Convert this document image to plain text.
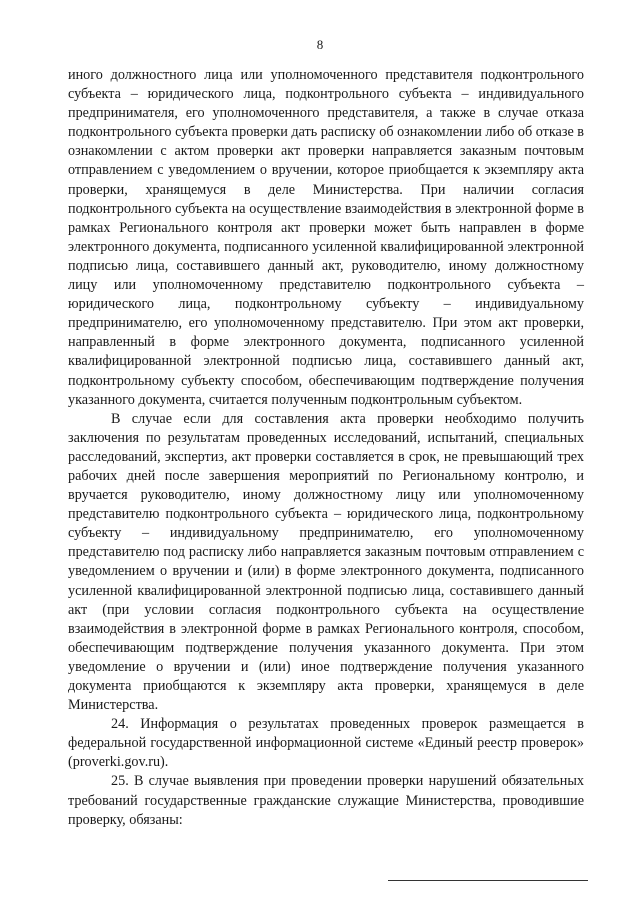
8

иного должностного лица или уполномоченного представителя подконтрольного субъекта – юридического лица, подконтрольного субъекта – индивидуального предпринимателя, его уполномоченного представителя, а также в случае отказа подконтрольного субъекта проверки дать расписку об ознакомлении либо об отказе в ознакомлении с актом проверки акт проверки направляется заказным почтовым отправлением с уведомлением о вручении, которое приобщается к экземпляру акта проверки, хранящемуся в деле Министерства. При наличии согласия подконтрольного субъекта на осуществление взаимодействия в электронной форме в рамках Регионального контроля акт проверки может быть направлен в форме электронного документа, подписанного усиленной квалифицированной электронной подписью лица, составившего данный акт, руководителю, иному должностному лицу или уполномоченному представителю подконтрольного субъекта – юридического лица, подконтрольному субъекту – индивидуальному предпринимателю, его уполномоченному представителю. При этом акт проверки, направленный в форме электронного документа, подписанного усиленной квалифицированной электронной подписью лица, составившего данный акт, подконтрольному субъекту способом, обеспечивающим подтверждение получения указанного документа, считается полученным подконтрольным субъектом.

В случае если для составления акта проверки необходимо получить заключения по результатам проведенных исследований, испытаний, специальных расследований, экспертиз, акт проверки составляется в срок, не превышающий трех рабочих дней после завершения мероприятий по Региональному контролю, и вручается руководителю, иному должностному лицу или уполномоченному представителю подконтрольного субъекта – юридического лица, подконтрольному субъекту – индивидуальному предпринимателю, его уполномоченному представителю под расписку либо направляется заказным почтовым отправлением с уведомлением о вручении и (или) в форме электронного документа, подписанного усиленной квалифицированной электронной подписью лица, составившего данный акт (при условии согласия подконтрольного субъекта на осуществление взаимодействия в электронной форме в рамках Регионального контроля, способом, обеспечивающим подтверждение получения указанного документа. При этом уведомление о вручении и (или) иное подтверждение получения указанного документа приобщаются к экземпляру акта проверки, хранящемуся в деле Министерства.

24. Информация о результатах проведенных проверок размещается в федеральной государственной информационной системе «Единый реестр проверок» (proverki.gov.ru).

25. В случае выявления при проведении проверки нарушений обязательных требований государственные гражданские служащие Министерства, проводившие проверку, обязаны:
